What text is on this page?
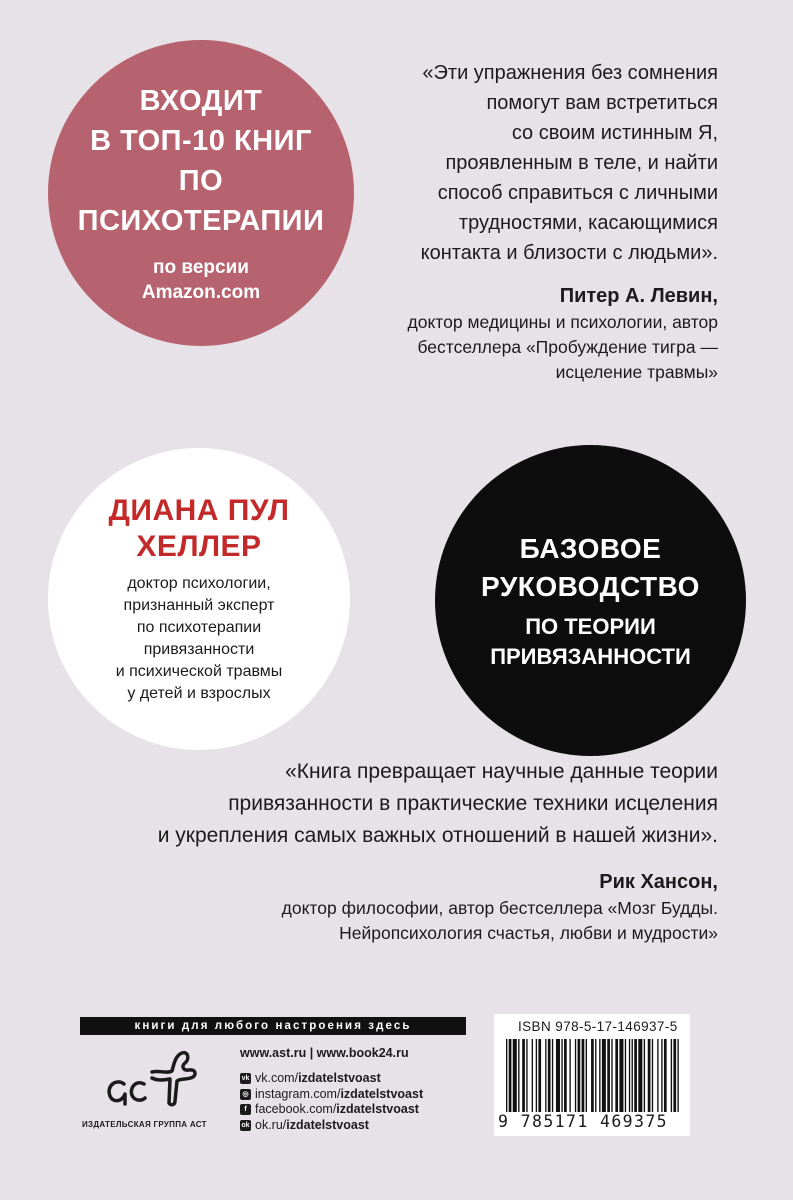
ВХОДИТ
В ТОП-10 КНИГ
ПО
ПСИХОТЕРАПИИ
по версии
Amazon.com
«Эти упражнения без сомнения
помогут вам встретиться
со своим истинным Я,
проявленным в теле, и найти
способ справиться с личными
трудностями, касающимися
контакта и близости с людьми».
Питер А. Левин,
доктор медицины и психологии, автор
бестселлера «Пробуждение тигра —
исцеление травмы»
ДИАНА ПУЛ
ХЕЛЛЕР
доктор психологии,
признанный эксперт
по психотерапии
привязанности
и психической травмы
у детей и взрослых
БАЗОВОЕ
РУКОВОДСТВО
ПО ТЕОРИИ
ПРИВЯЗАННОСТИ
«Книга превращает научные данные теории
привязанности в практические техники исцеления
и укрепления самых важных отношений в нашей жизни».
Рик Хансон,
доктор философии, автор бестселлера «Мозг Будды.
Нейропсихология счастья, любви и мудрости»
книги для любого настроения здесь
ИЗДАТЕЛЬСКАЯ ГРУППА АСТ
www.ast.ru | www.book24.ru
vk vk.com/ izdatelstvoast
◎ instagram.com/ izdatelstvoast
f facebook.com/ izdatelstvoast
ok ok.ru/ izdatelstvoast
ISBN 978-5-17-146937-5
9 785171 469375
